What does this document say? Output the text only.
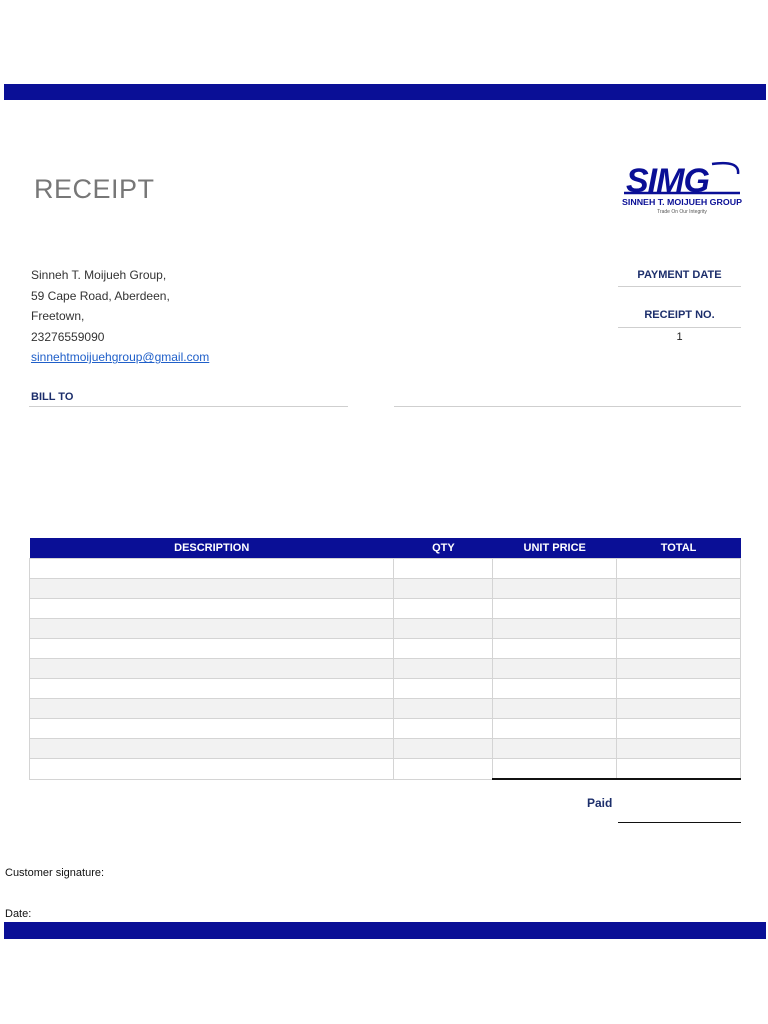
RECEIPT	SIMG
SINNEH T. MOIJUEH GROUP
Trade On Our Integrity
Sinneh T. Moijueh Group,
59 Cape Road, Aberdeen,
Freetown,
23276559090
sinnehtmoijuehgroup@gmail.com
PAYMENT DATE
RECEIPT NO.
1
BILL TO
DESCRIPTION	QTY	UNIT PRICE	TOTAL

Paid
Customer signature:
Date:
